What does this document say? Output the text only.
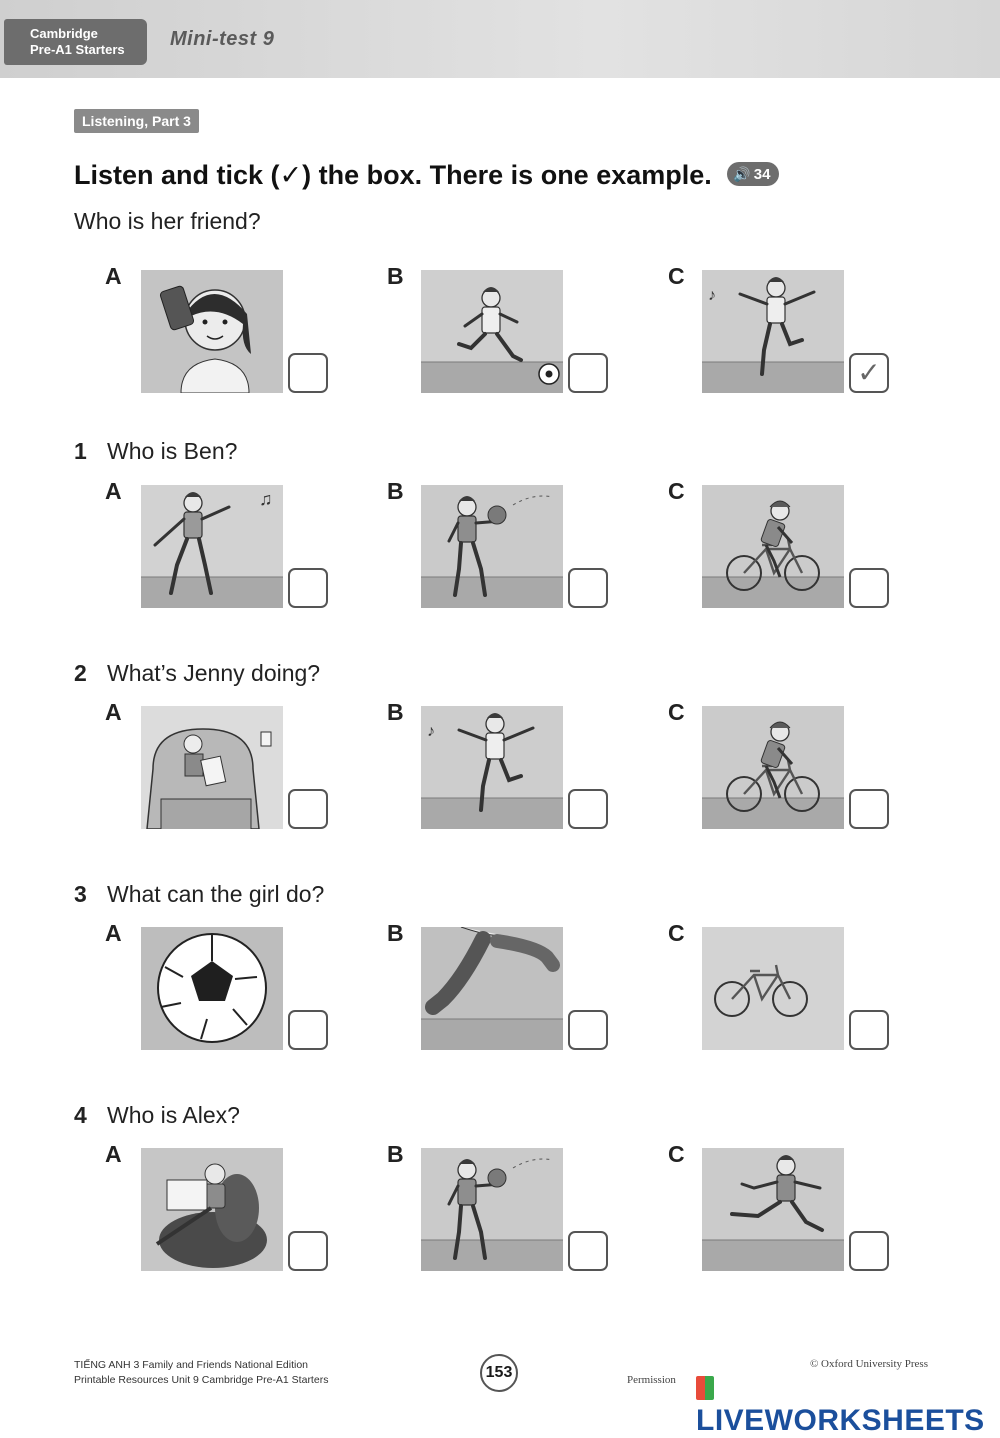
Cambridge
Pre-A1 Starters	Mini-test 9
Listening, Part 3
Listen and tick (✓) the box. There is one example. 🔊 34
Who is her friend?
1 Who is Ben?
2 What’s Jenny doing?
3 What can the girl do?
4 Who is Alex?
A	B	C
♪
✓
A	♫	B	C
A	B
♪
C
A	B	C
A	B	C
TIẾNG ANH 3 Family and Friends National Edition
Printable Resources Unit 9 Cambridge Pre-A1 Starters	153	© Oxford University Press
Permission
LIVEWORKSHEETS
